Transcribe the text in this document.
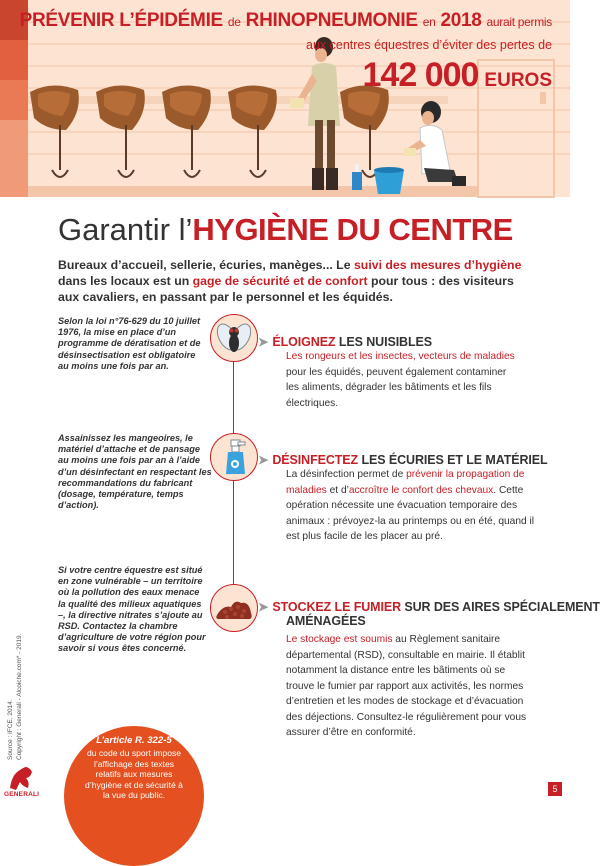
PRÉVENIR L’ÉPIDÉMIE de RHINOPNEUMONIE en 2018 aurait permis
aux centres équestres d’éviter des pertes de
142 000 EUROS
Garantir l’HYGIÈNE DU CENTRE
Bureaux d’accueil, sellerie, écuries, manèges... Le suivi des mesures d’hygiène dans les locaux est un gage de sécurité et de confort pour tous : des visiteurs aux cavaliers, en passant par le personnel et les équidés.
Selon la loi n°76-629 du 10 juillet 1976, la mise en place d’un programme de dératisation et de désinsectisation est obligatoire au moins une fois par an.
➤ ÉLOIGNEZ LES NUISIBLES
Les rongeurs et les insectes, vecteurs de maladies
pour les équidés, peuvent également contaminer les aliments, dégrader les bâtiments et les fils électriques.
Assainissez les mangeoires, le matériel d’attache et de pansage au moins une fois par an à l’aide d’un désinfectant en respectant les recommandations du fabricant (dosage, température, temps d’action).
➤ DÉSINFECTEZ LES ÉCURIES ET LE MATÉRIEL
La désinfection permet de prévenir la propagation de maladies et d’accroître le confort des chevaux. Cette opération nécessite une évacuation temporaire des animaux : prévoyez-la au printemps ou en été, quand il est plus facile de les placer au pré.
Si votre centre équestre est situé en zone vulnérable – un territoire où la pollution des eaux menace la qualité des milieux aquatiques –, la directive nitrates s’ajoute au RSD. Contactez la chambre d’agriculture de votre région pour savoir si vous êtes concerné.
➤ STOCKEZ LE FUMIER SUR DES AIRES SPÉCIALEMENT
AMÉNAGÉES
Le stockage est soumis au Règlement sanitaire départemental (RSD), consultable en mairie. Il établit notamment la distance entre les bâtiments où se trouve le fumier par rapport aux activités, les normes d’entretien et les modes de stockage et d’évacuation des déjections. Consultez-le régulièrement pour vous assurer d’être en conformité.
Source : IFCE, 2014. Copyright : Generali - Alcoiche.com* - 2019.	L’article R. 322-5
du code du sport impose l’affichage des textes relatifs aux mesures d’hygiène et de sécurité à la vue du public.
GENERALI
5
